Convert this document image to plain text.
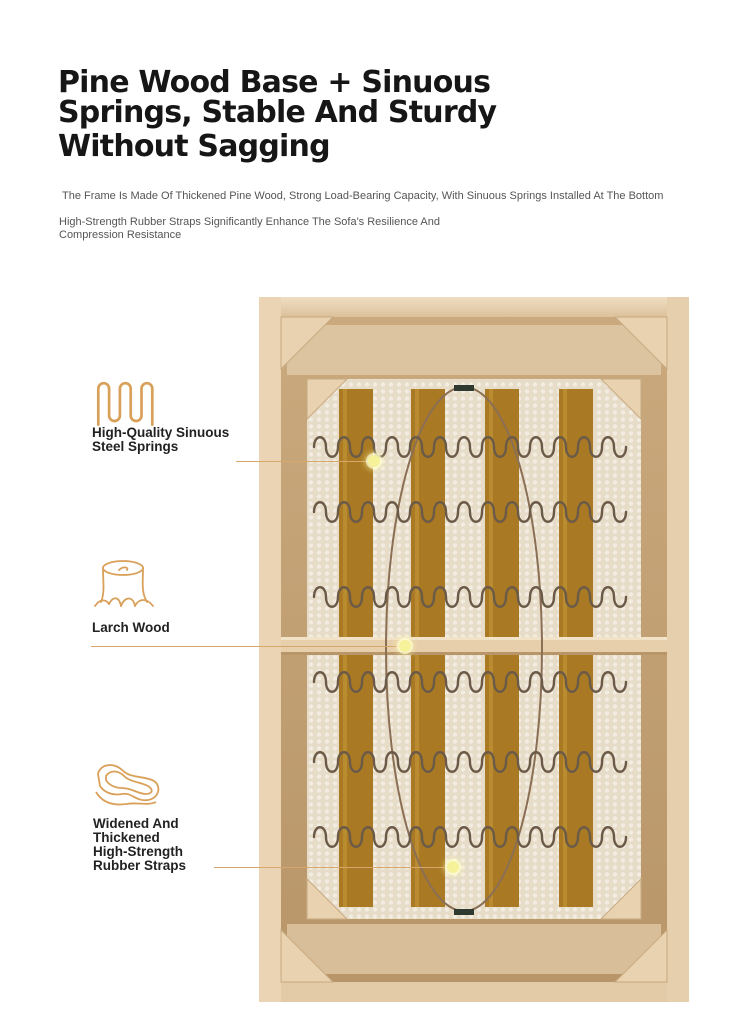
Pine Wood Base + Sinuous
Springs, Stable And Sturdy
Without Sagging

The Frame Is Made Of Thickened Pine Wood, Strong Load-Bearing Capacity, With Sinuous Springs Installed At The Bottom

High-Strength Rubber Straps Significantly Enhance The Sofa's Resilience And Compression Resistance

High-Quality Sinuous
Steel Springs

Larch Wood

Widened And
Thickened
High-Strength
Rubber Straps
